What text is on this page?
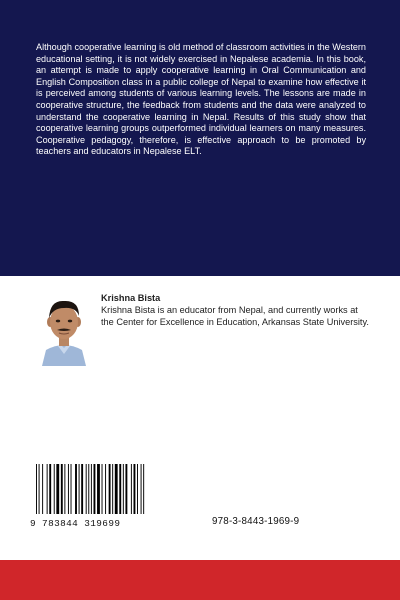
Although cooperative learning is old method of classroom activities in the Western educational setting, it is not widely exercised in Nepalese academia. In this book, an attempt is made to apply cooperative learning in Oral Communication and English Composition class in a public college of Nepal to examine how effective it is perceived among students of various learning levels. The lessons are made in cooperative structure, the feedback from students and the data were analyzed to understand the cooperative learning in Nepal. Results of this study show that cooperative learning groups outperformed individual learners on many measures. Cooperative pedagogy, therefore, is effective approach to be promoted by teachers and educators in Nepalese ELT.

Krishna Bista

Krishna Bista is an educator from Nepal, and currently works at the Center for Excellence in Education, Arkansas State University.

9 783844 319699	978-3-8443-1969-9
